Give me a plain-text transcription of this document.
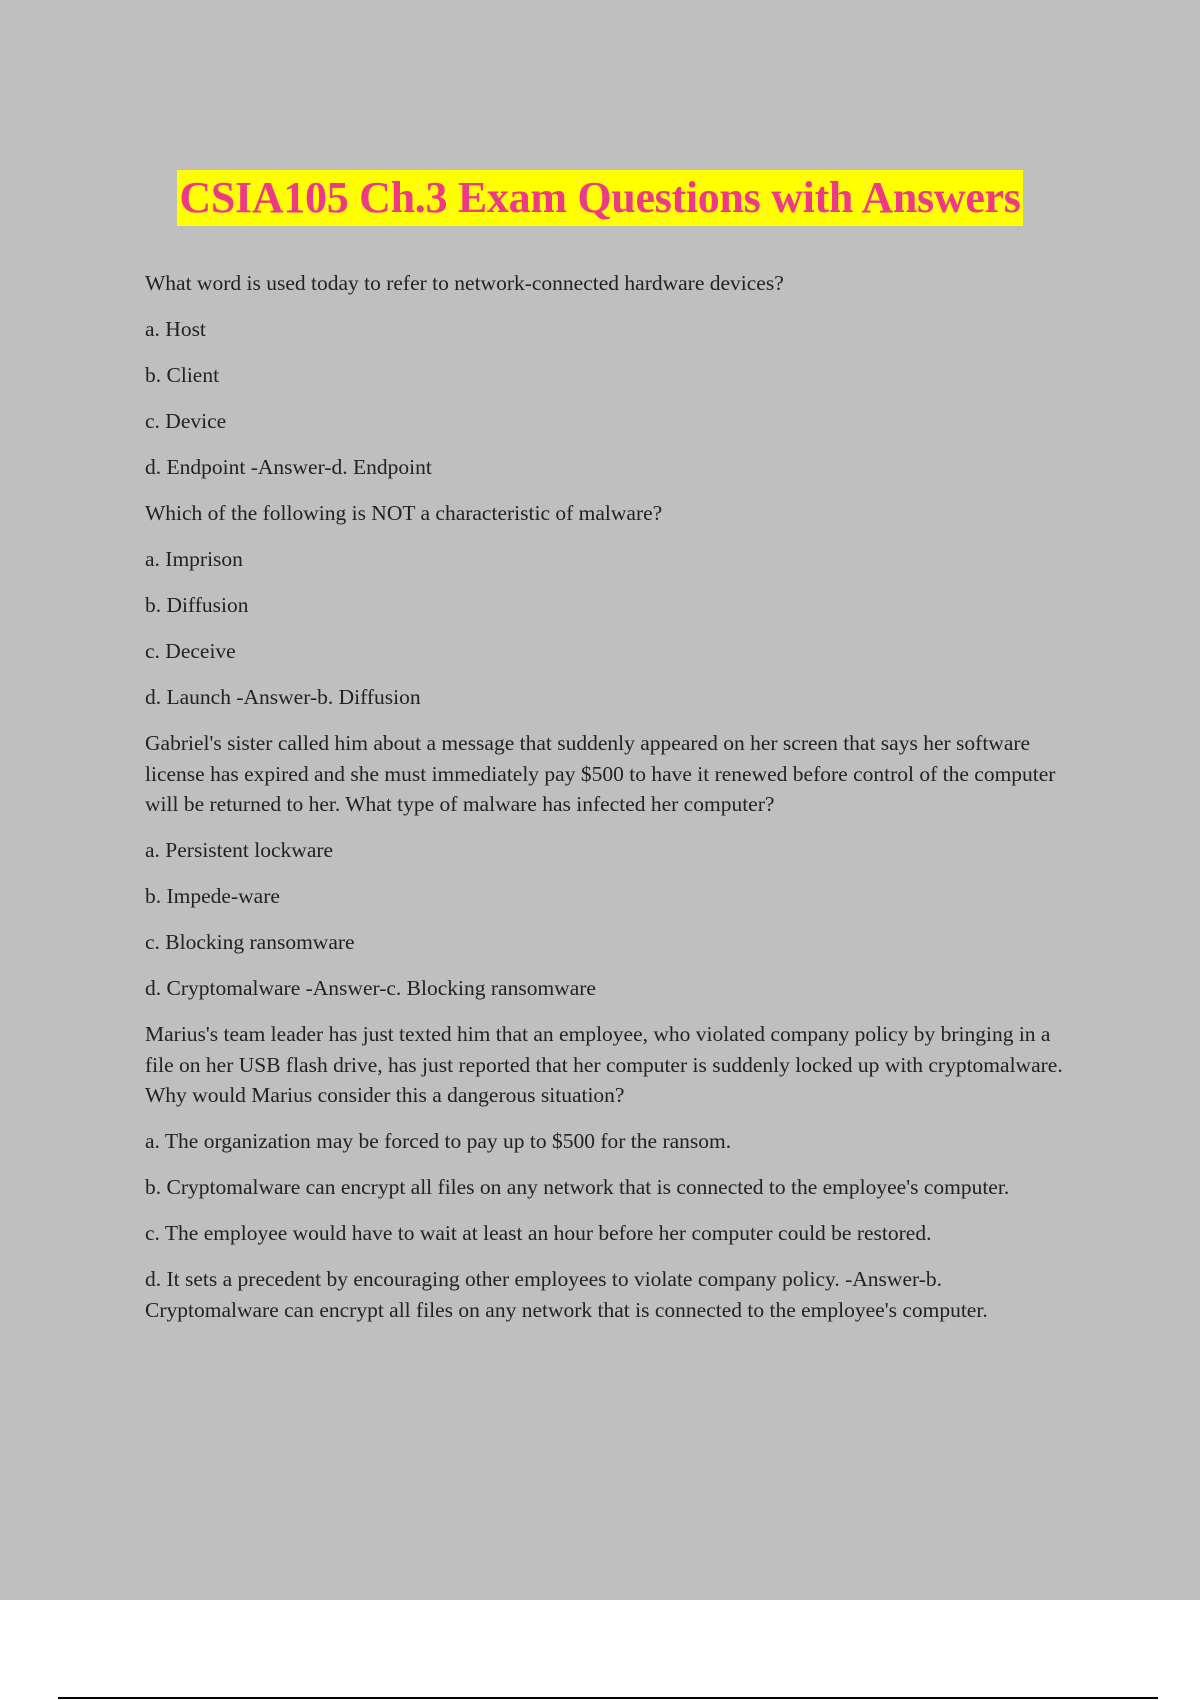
CSIA105 Ch.3 Exam Questions with Answers

What word is used today to refer to network-connected hardware devices?

a. Host

b. Client

c. Device

d. Endpoint -Answer-d. Endpoint

Which of the following is NOT a characteristic of malware?

a. Imprison

b. Diffusion

c. Deceive

d. Launch -Answer-b. Diffusion

Gabriel's sister called him about a message that suddenly appeared on her screen that says her software license has expired and she must immediately pay $500 to have it renewed before control of the computer will be returned to her. What type of malware has infected her computer?

a. Persistent lockware

b. Impede-ware

c. Blocking ransomware

d. Cryptomalware -Answer-c. Blocking ransomware

Marius's team leader has just texted him that an employee, who violated company policy by bringing in a file on her USB flash drive, has just reported that her computer is suddenly locked up with cryptomalware. Why would Marius consider this a dangerous situation?

a. The organization may be forced to pay up to $500 for the ransom.

b. Cryptomalware can encrypt all files on any network that is connected to the employee's computer.

c. The employee would have to wait at least an hour before her computer could be restored.

d. It sets a precedent by encouraging other employees to violate company policy. -Answer-b. Cryptomalware can encrypt all files on any network that is connected to the employee's computer.
